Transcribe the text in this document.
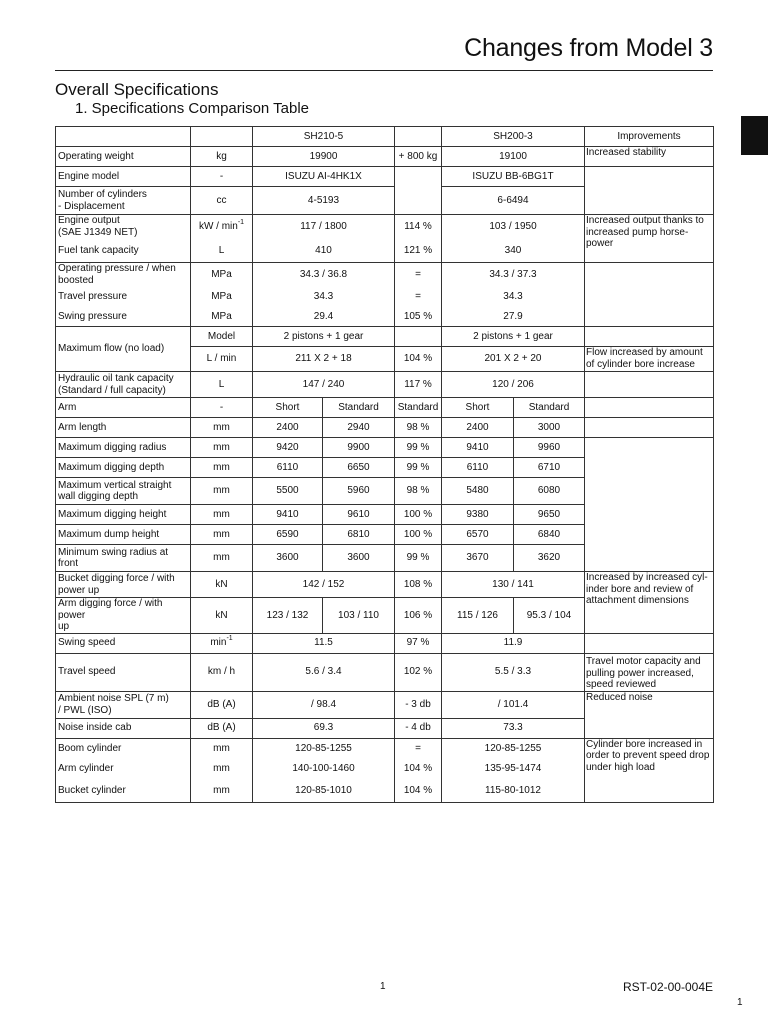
Changes from Model 3
Overall Specifications
1. Specifications Comparison Table
		SH210-5			SH200-3		Improvements
Operating weight	kg	19900		+ 800 kg	19100		Increased stability
Engine model	-	ISUZU AI-4HK1X			ISUZU BB-6BG1T		
Number of cylinders
- Displacement	cc	4-5193			6-6494		
Engine output
(SAE J1349 NET)	kW / $\min^{-1}$	117 / 1800		114 %	103 / 1950		Increased output thanks to increased pump horse-power
Fuel tank capacity	L	410		121 %	340		
Operating pressure / when
boosted	MPa	34.3 / 36.8		=	34.3 / 37.3		
Travel pressure	MPa	34.3		=	34.3		
Swing pressure	MPa	29.4		105 %	27.9		
Maximum flow (no load)	Model	2 pistons + 1 gear			2 pistons + 1 gear		
	L / min	211 X 2 + 18		104 %	201 X 2 + 20		Flow increased by amount of cylinder bore increase
Hydraulic oil tank capacity
(Standard / full capacity)	L	147 / 240		117 %	120 / 206		
Arm	-	Short	Standard	Standard	Short	Standard	
Arm length	mm	2400	2940	98 %	2400	3000	
Maximum digging radius	mm	9420	9900	99 %	9410	9960	
Maximum digging depth	mm	6110	6650	99 %	6110	6710	
Maximum vertical straight
wall digging depth	mm	5500	5960	98 %	5480	6080	
Maximum digging height	mm	9410	9610	100 %	9380	9650	
Maximum dump height	mm	6590	6810	100 %	6570	6840	
Minimum swing radius at
front	mm	3600	3600	99 %	3670	3620	
Bucket digging force / with
power up	kN	142 / 152		108 %	130 / 141		Increased by increased cyl-inder bore and review of attachment dimensions
Arm digging force / with power
up	kN	123 / 132	103 / 110	106 %	115 / 126	95.3 / 104	
Swing speed	$\min^{-1}$	11.5		97 %	11.9		
Travel speed	km / h	5.6 / 3.4		102 %	5.5 / 3.3		Travel motor capacity and pulling power increased, speed reviewed
Ambient noise SPL (7 m)
/ PWL (ISO)	dB (A)	/ 98.4		- 3 db	/ 101.4		Reduced noise
Noise inside cab	dB (A)	69.3		- 4 db	73.3		
Boom cylinder	mm	120-85-1255		=	120-85-1255		Cylinder bore increased in order to prevent speed drop under high load
Arm cylinder	mm	140-100-1460		104 %	135-95-1474		
Bucket cylinder	mm	120-85-1010		104 %	115-80-1012		
1	RST-02-00-004E
1
